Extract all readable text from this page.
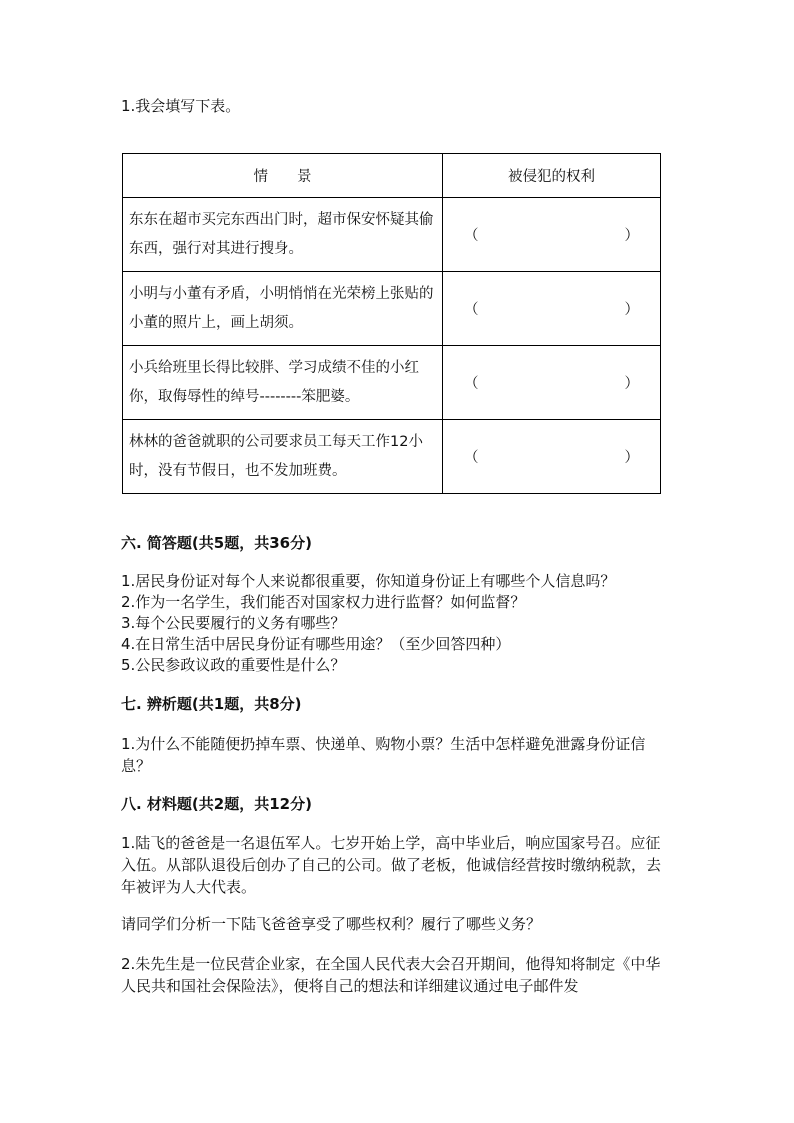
1.我会填写下表。
情　　景	被侵犯的权利
东东在超市买完东西出门时，超市保安怀疑其偷东西，强行对其进行搜身。	（ ）

小明与小董有矛盾，小明悄悄在光荣榜上张贴的小董的照片上，画上胡须。	（ ）

小兵给班里长得比较胖、学习成绩不佳的小红你，取侮辱性的绰号--------笨肥婆。	（ ）

林林的爸爸就职的公司要求员工每天工作12小时，没有节假日，也不发加班费。	（ ）
六. 简答题(共5题，共36分)

1.居民身份证对每个人来说都很重要，你知道身份证上有哪些个人信息吗？

2.作为一名学生，我们能否对国家权力进行监督？如何监督？

3.每个公民要履行的义务有哪些？

4.在日常生活中居民身份证有哪些用途？（至少回答四种）

5.公民参政议政的重要性是什么？

七. 辨析题(共1题，共8分)

1.为什么不能随便扔掉车票、快递单、购物小票？生活中怎样避免泄露身份证信息？

八. 材料题(共2题，共12分)
1.陆飞的爸爸是一名退伍军人。七岁开始上学，高中毕业后，响应国家号召。应征入伍。从部队退役后创办了自己的公司。做了老板，他诚信经营按时缴纳税款，去年被评为人大代表。
请同学们分析一下陆飞爸爸享受了哪些权利？履行了哪些义务？
2.朱先生是一位民营企业家，在全国人民代表大会召开期间，他得知将制定《中华人民共和国社会保险法》，便将自己的想法和详细建议通过电子邮件发
